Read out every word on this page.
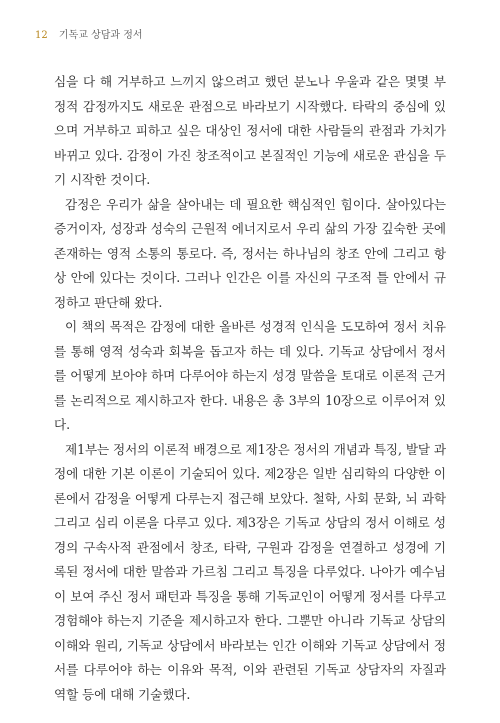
12 기독교 상담과 정서

심을 다 해 거부하고 느끼지 않으려고 했던 분노나 우울과 같은 몇몇 부정적 감정까지도 새로운 관점으로 바라보기 시작했다. 타락의 중심에 있으며 거부하고 피하고 싶은 대상인 정서에 대한 사람들의 관점과 가치가 바뀌고 있다. 감정이 가진 창조적이고 본질적인 기능에 새로운 관심을 두기 시작한 것이다.

감정은 우리가 삶을 살아내는 데 필요한 핵심적인 힘이다. 살아있다는 증거이자, 성장과 성숙의 근원적 에너지로서 우리 삶의 가장 깊숙한 곳에 존재하는 영적 소통의 통로다. 즉, 정서는 하나님의 창조 안에 그리고 항상 안에 있다는 것이다. 그러나 인간은 이를 자신의 구조적 틀 안에서 규정하고 판단해 왔다.

이 책의 목적은 감정에 대한 올바른 성경적 인식을 도모하여 정서 치유를 통해 영적 성숙과 회복을 돕고자 하는 데 있다. 기독교 상담에서 정서를 어떻게 보아야 하며 다루어야 하는지 성경 말씀을 토대로 이론적 근거를 논리적으로 제시하고자 한다. 내용은 총 3부의 10장으로 이루어져 있다.

제1부는 정서의 이론적 배경으로 제1장은 정서의 개념과 특징, 발달 과정에 대한 기본 이론이 기술되어 있다. 제2장은 일반 심리학의 다양한 이론에서 감정을 어떻게 다루는지 접근해 보았다. 철학, 사회 문화, 뇌 과학 그리고 심리 이론을 다루고 있다. 제3장은 기독교 상담의 정서 이해로 성경의 구속사적 관점에서 창조, 타락, 구원과 감정을 연결하고 성경에 기록된 정서에 대한 말씀과 가르침 그리고 특징을 다루었다. 나아가 예수님이 보여 주신 정서 패턴과 특징을 통해 기독교인이 어떻게 정서를 다루고 경험해야 하는지 기준을 제시하고자 한다. 그뿐만 아니라 기독교 상담의 이해와 원리, 기독교 상담에서 바라보는 인간 이해와 기독교 상담에서 정서를 다루어야 하는 이유와 목적, 이와 관련된 기독교 상담자의 자질과 역할 등에 대해 기술했다.
